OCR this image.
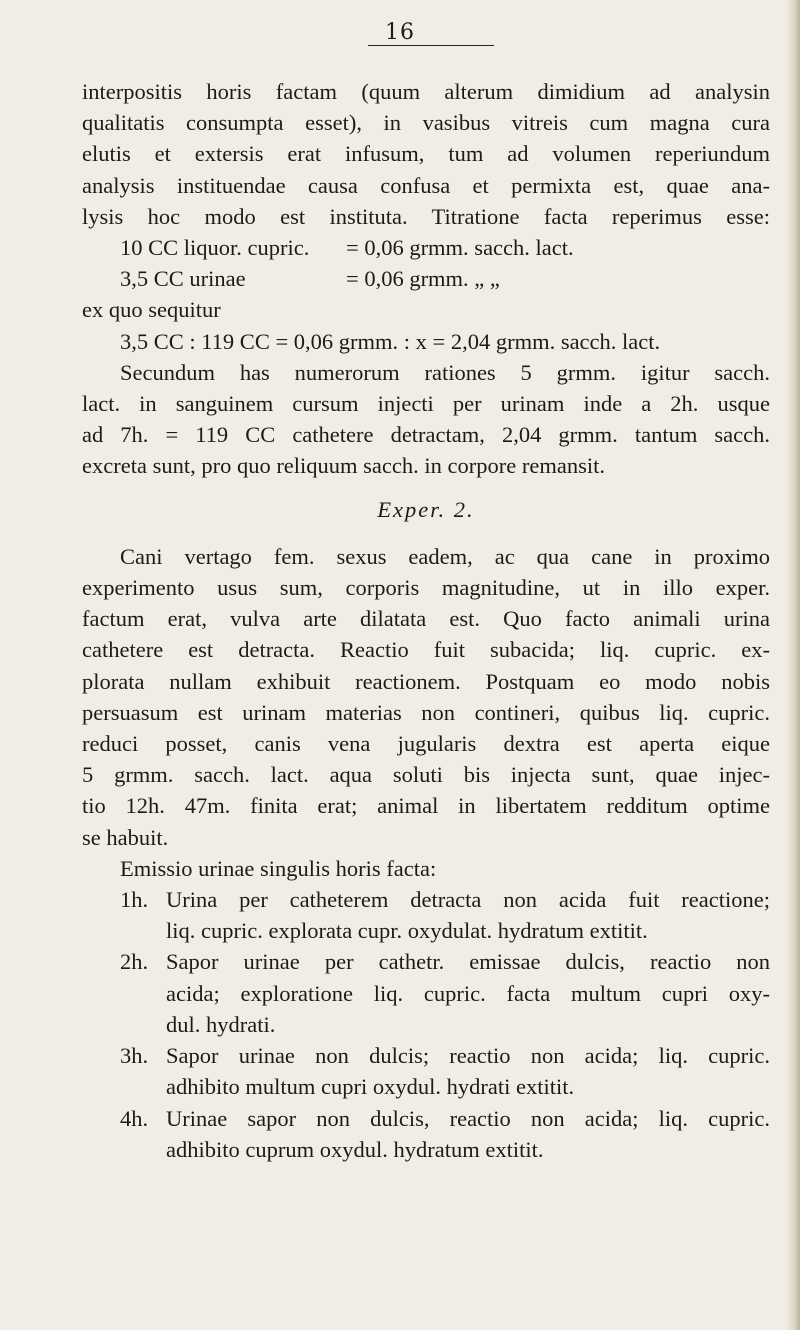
16
interpositis horis factam (quum alterum dimidium ad analysin
qualitatis consumpta esset), in vasibus vitreis cum magna cura
elutis et extersis erat infusum, tum ad volumen reperiundum
analysis instituendae causa confusa et permixta est, quae ana-
lysis hoc modo est instituta. Titratione facta reperimus esse:
10 CC liquor. cupric.	= 0,06 grmm. sacch. lact.
3,5 CC urinae	= 0,06 grmm. „ „
ex quo sequitur
3,5 CC : 119 CC = 0,06 grmm. : x = 2,04 grmm. sacch. lact.
Secundum has numerorum rationes 5 grmm. igitur sacch.
lact. in sanguinem cursum injecti per urinam inde a 2h. usque
ad 7h. = 119 CC cathetere detractam, 2,04 grmm. tantum sacch.
excreta sunt, pro quo reliquum sacch. in corpore remansit.
Exper. 2.
Cani vertago fem. sexus eadem, ac qua cane in proximo
experimento usus sum, corporis magnitudine, ut in illo exper.
factum erat, vulva arte dilatata est. Quo facto animali urina
cathetere est detracta. Reactio fuit subacida; liq. cupric. ex-
plorata nullam exhibuit reactionem. Postquam eo modo nobis
persuasum est urinam materias non contineri, quibus liq. cupric.
reduci posset, canis vena jugularis dextra est aperta eique
5 grmm. sacch. lact. aqua soluti bis injecta sunt, quae injec-
tio 12h. 47m. finita erat; animal in libertatem redditum optime
se habuit.
Emissio urinae singulis horis facta:
1h. Urina per catheterem detracta non acida fuit reactione;
liq. cupric. explorata cupr. oxydulat. hydratum extitit.
2h. Sapor urinae per cathetr. emissae dulcis, reactio non
acida; exploratione liq. cupric. facta multum cupri oxy-
dul. hydrati.
3h. Sapor urinae non dulcis; reactio non acida; liq. cupric.
adhibito multum cupri oxydul. hydrati extitit.
4h. Urinae sapor non dulcis, reactio non acida; liq. cupric.
adhibito cuprum oxydul. hydratum extitit.
